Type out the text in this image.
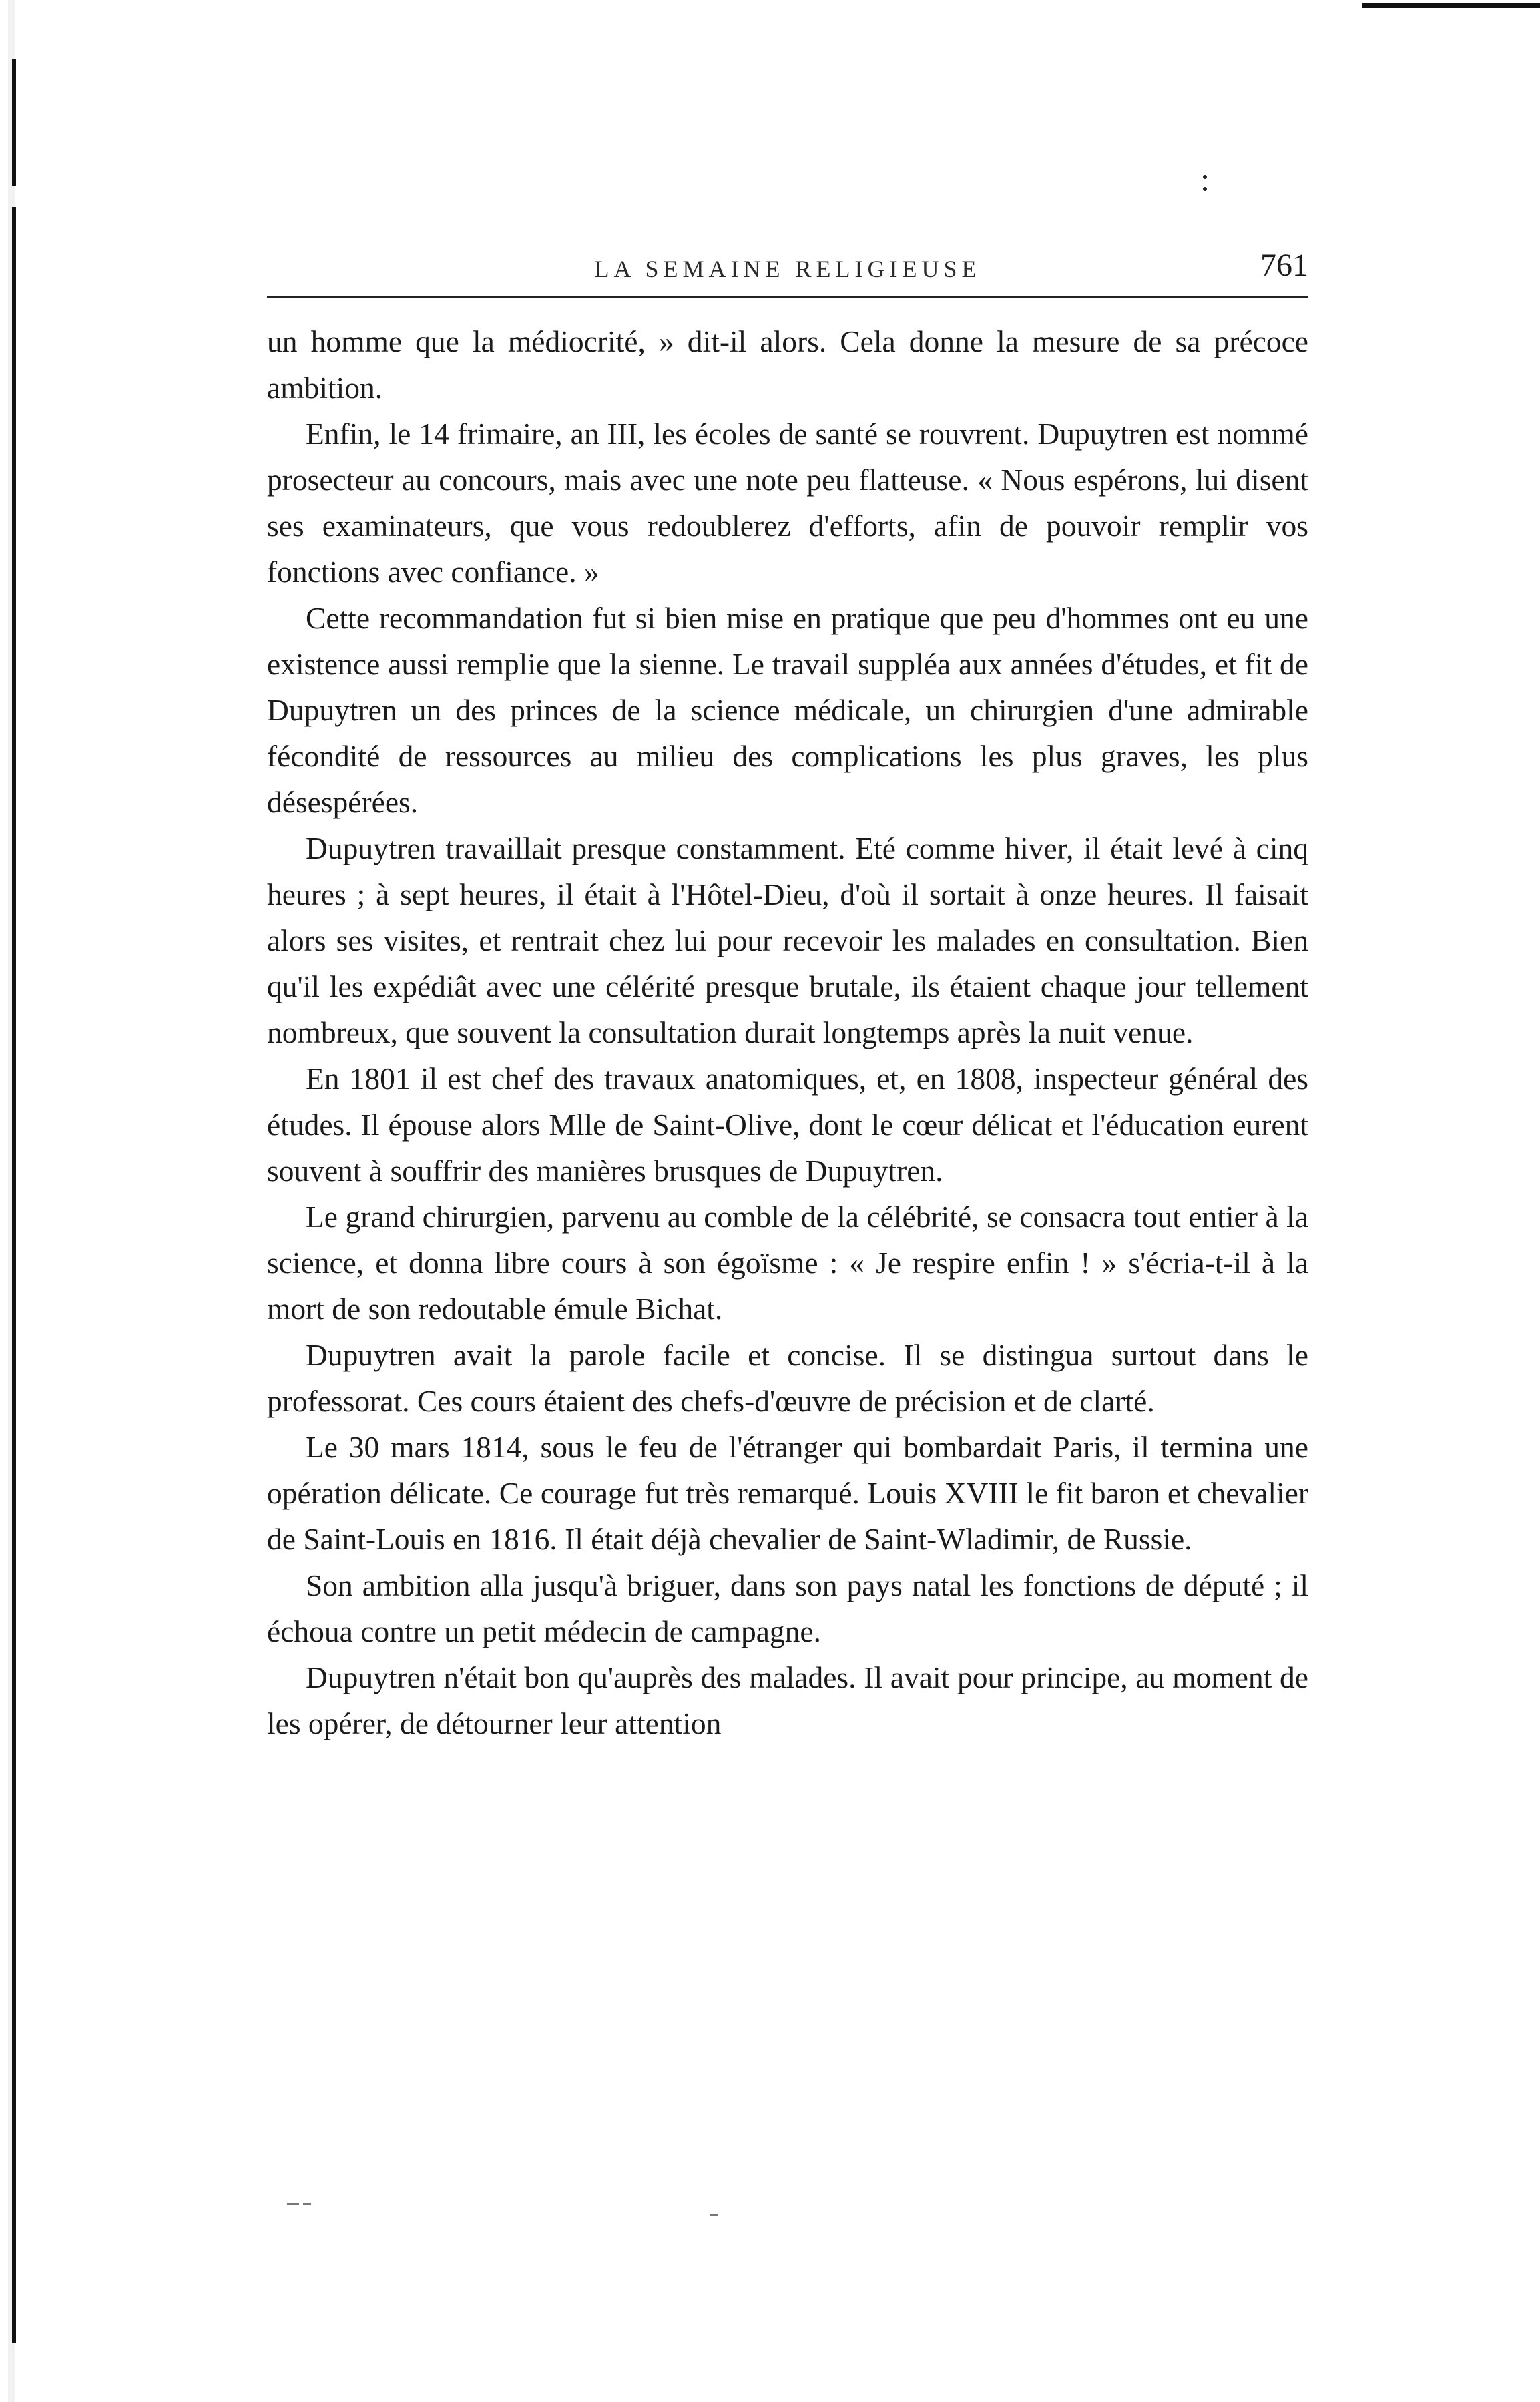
LA SEMAINE RELIGIEUSE	761

un homme que la médiocrité, » dit-il alors. Cela donne la mesure de sa précoce ambition.

Enfin, le 14 frimaire, an III, les écoles de santé se rouvrent. Dupuytren est nommé prosecteur au concours, mais avec une note peu flatteuse. « Nous espérons, lui disent ses examinateurs, que vous redoublerez d'efforts, afin de pouvoir remplir vos fonctions avec confiance. »

Cette recommandation fut si bien mise en pratique que peu d'hommes ont eu une existence aussi remplie que la sienne. Le travail suppléa aux années d'études, et fit de Dupuytren un des princes de la science médicale, un chirurgien d'une admirable fécondité de ressources au milieu des complications les plus graves, les plus désespérées.

Dupuytren travaillait presque constamment. Eté comme hiver, il était levé à cinq heures ; à sept heures, il était à l'Hôtel-Dieu, d'où il sortait à onze heures. Il faisait alors ses visites, et rentrait chez lui pour recevoir les malades en consultation. Bien qu'il les expédiât avec une célérité presque brutale, ils étaient chaque jour tellement nombreux, que souvent la consultation durait longtemps après la nuit venue.

En 1801 il est chef des travaux anatomiques, et, en 1808, inspecteur général des études. Il épouse alors Mlle de Saint-Olive, dont le cœur délicat et l'éducation eurent souvent à souffrir des manières brusques de Dupuytren.

Le grand chirurgien, parvenu au comble de la célébrité, se consacra tout entier à la science, et donna libre cours à son égoïsme : « Je respire enfin ! » s'écria-t-il à la mort de son redoutable émule Bichat.

Dupuytren avait la parole facile et concise. Il se distingua surtout dans le professorat. Ces cours étaient des chefs-d'œuvre de précision et de clarté.

Le 30 mars 1814, sous le feu de l'étranger qui bombardait Paris, il termina une opération délicate. Ce courage fut très remarqué. Louis XVIII le fit baron et chevalier de Saint-Louis en 1816. Il était déjà chevalier de Saint-Wladimir, de Russie.

Son ambition alla jusqu'à briguer, dans son pays natal les fonctions de député ; il échoua contre un petit médecin de campagne.

Dupuytren n'était bon qu'auprès des malades. Il avait pour principe, au moment de les opérer, de détourner leur attention
